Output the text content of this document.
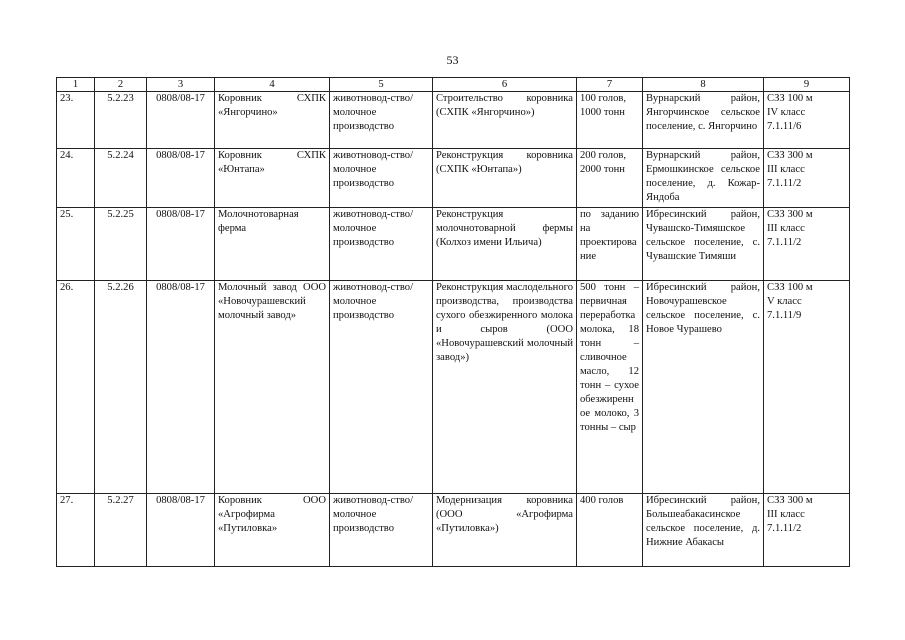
53
1	2	3	4	5	6	7	8	9
23.	5.2.23	0808/08-17	Коровник СХПК «Янгорчино»	животновод-ство/молочное производство	Строительство коровника (СХПК «Янгорчино»)	100 голов, 1000 тонн	Вурнарский район, Янгорчинское сельское поселение, с. Янгорчино	СЗЗ 100 м
IV класс
7.1.11/6

24.	5.2.24	0808/08-17	Коровник СХПК «Юнтапа»	животновод-ство/молочное производство	Реконструкция коровника (СХПК «Юнтапа»)	200 голов, 2000 тонн	Вурнарский район, Ермошкинское сельское поселение, д. Кожар-Яндоба	СЗЗ 300 м
III класс
7.1.11/2

25.	5.2.25	0808/08-17	Молочнотоварная ферма	животновод-ство/молочное производство	Реконструкция молочнотоварной фермы (Колхоз имени Ильича)	по заданию на проектирование	Ибресинский район, Чувашско-Тимяшское сельское поселение, с. Чувашские Тимяши	СЗЗ 300 м
III класс
7.1.11/2

26.	5.2.26	0808/08-17	Молочный завод ООО «Новочурашевский молочный завод»	животновод-ство/молочное производство	Реконструкция маслодельного производства, производства сухого обезжиренного молока и сыров (ООО «Новочурашевский молочный завод»)	500 тонн – первичная переработка молока, 18 тонн – сливочное масло, 12 тонн – сухое обезжиренное молоко, 3 тонны – сыр	Ибресинский район, Новочурашевское сельское поселение, с. Новое Чурашево	СЗЗ 100 м
V класс
7.1.11/9

27.	5.2.27	0808/08-17	Коровник ООО «Агрофирма «Путиловка»	животновод-ство/молочное производство	Модернизация коровника (ООО «Агрофирма «Путиловка»)	400 голов	Ибресинский район, Большеабакасинское сельское поселение, д. Нижние Абакасы	СЗЗ 300 м
III класс
7.1.11/2
